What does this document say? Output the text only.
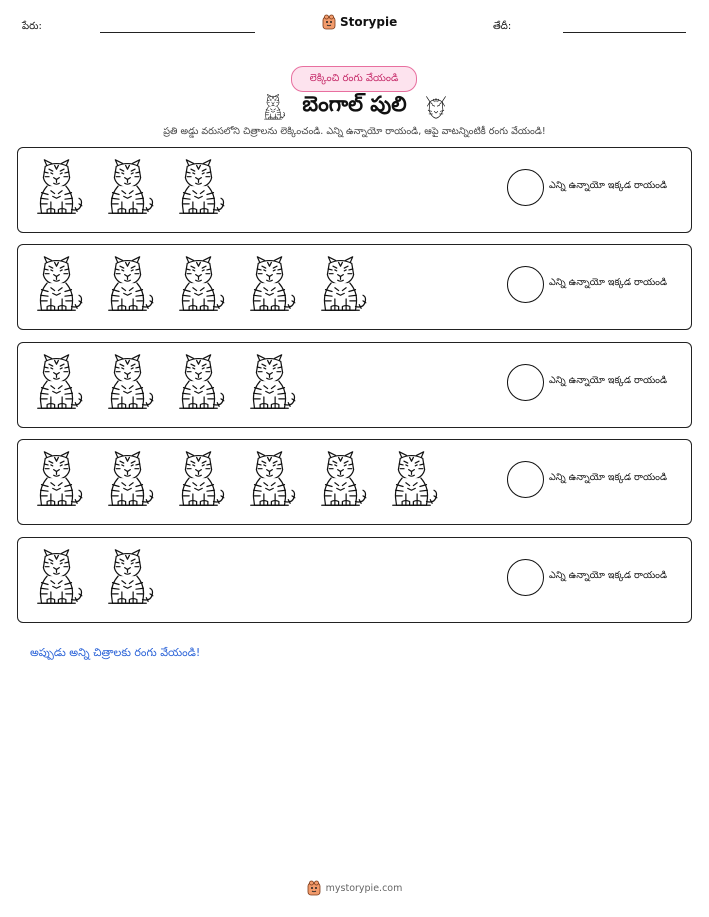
పేరు:	Storypie	తేదీ:
లెక్కించి రంగు వేయండి
బెంగాల్ పులి
ప్రతి అడ్డు వరుసలోని చిత్రాలను లెక్కించండి. ఎన్ని ఉన్నాయో రాయండి, ఆపై వాటన్నింటికీ రంగు వేయండి!
ఎన్ని ఉన్నాయో ఇక్కడ రాయండి
ఎన్ని ఉన్నాయో ఇక్కడ రాయండి
ఎన్ని ఉన్నాయో ఇక్కడ రాయండి
ఎన్ని ఉన్నాయో ఇక్కడ రాయండి
ఎన్ని ఉన్నాయో ఇక్కడ రాయండి
అప్పుడు అన్ని చిత్రాలకు రంగు వేయండి!
mystorypie.com
